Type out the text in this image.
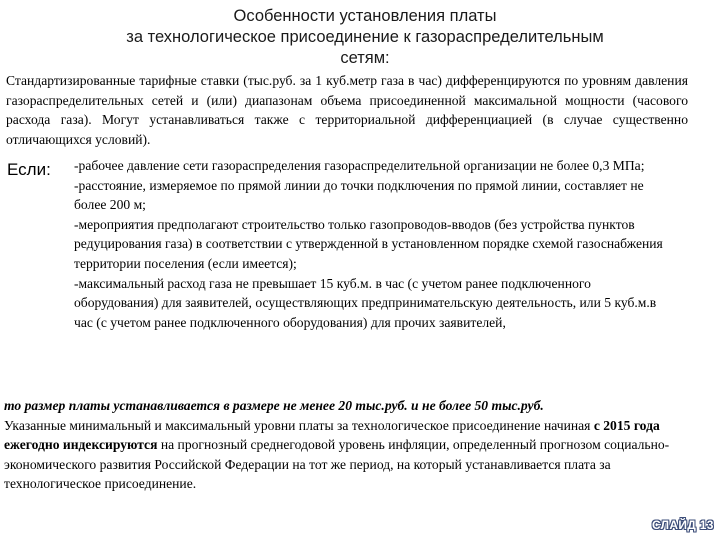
Особенности установления платы
за технологическое присоединение к газораспределительным
сетям:
Стандартизированные тарифные ставки (тыс.руб. за 1 куб.метр газа в час) дифференцируются по уровням давления газораспределительных сетей и (или) диапазонам объема присоединенной максимальной мощности (часового расхода газа). Могут устанавливаться также с территориальной дифференциацией (в случае существенно отличающихся условий).
Если: -рабочее давление сети газораспределения газораспределительной организации не более 0,3 МПа;

-расстояние, измеряемое по прямой линии до точки подключения по прямой линии, составляет не более 200 м;

-мероприятия предполагают строительство только газопроводов-вводов (без устройства пунктов редуцирования газа) в соответствии с утвержденной в установленном порядке схемой газоснабжения территории поселения (если имеется);

-максимальный расход газа не превышает 15 куб.м. в час (с учетом ранее подключенного оборудования) для заявителей, осуществляющих предпринимательскую деятельность, или 5 куб.м.в час (с учетом ранее подключенного оборудования) для прочих заявителей,

то размер платы устанавливается в размере не менее 20 тыс.руб. и не более 50 тыс.руб.

Указанные минимальный и максимальный уровни платы за технологическое присоединение начиная с 2015 года ежегодно индексируются на прогнозный среднегодовой уровень инфляции, определенный прогнозом социально-экономического развития Российской Федерации на тот же период, на который устанавливается плата за технологическое присоединение.

СЛАЙД 13
